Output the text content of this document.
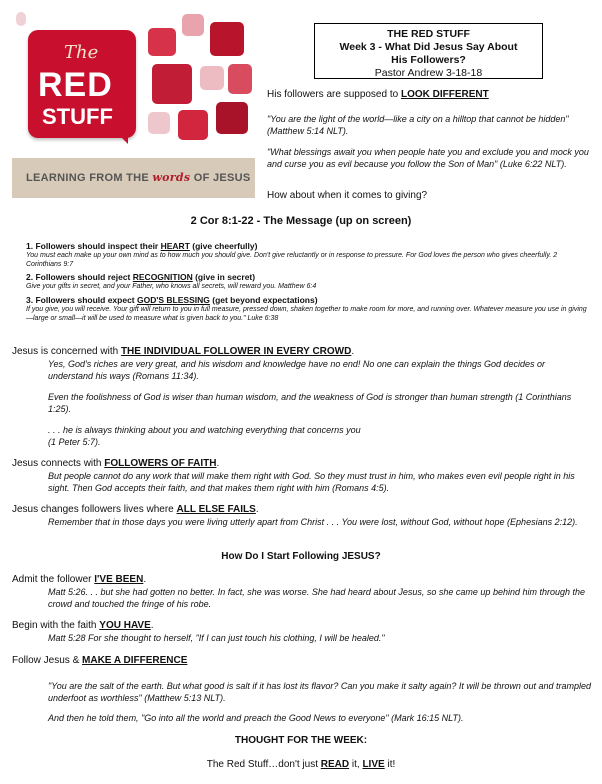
The
RED
STUFF
LEARNING FROM THE words OF JESUS
THE RED STUFF
Week 3 - What Did Jesus Say About
His Followers?
Pastor Andrew 3-18-18
His followers are supposed to LOOK DIFFERENT
"You are the light of the world—like a city on a hilltop that cannot be hidden" (Matthew 5:14 NLT).
"What blessings await you when people hate you and exclude you and mock you and curse you as evil because you follow the Son of Man" (Luke 6:22 NLT).
How about when it comes to giving?
2 Cor 8:1-22 - The Message (up on screen)
1. Followers should inspect their HEART (give cheerfully)
You must each make up your own mind as to how much you should give. Don't give reluctantly or in response to pressure. For God loves the person who gives cheerfully. 2 Corinthians 9:7
2. Followers should reject RECOGNITION (give in secret)
Give your gifts in secret, and your Father, who knows all secrets, will reward you. Matthew 6:4
3. Followers should expect GOD'S BLESSING (get beyond expectations)
If you give, you will receive. Your gift will return to you in full measure, pressed down, shaken together to make room for more, and running over. Whatever measure you use in giving—large or small—it will be used to measure what is given back to you." Luke 6:38
Jesus is concerned with THE INDIVIDUAL FOLLOWER IN EVERY CROWD.
Yes, God's riches are very great, and his wisdom and knowledge have no end! No one can explain the things God decides or understand his ways (Romans 11:34).
Even the foolishness of God is wiser than human wisdom, and the weakness of God is stronger than human strength (1 Corinthians 1:25).
. . . he is always thinking about you and watching everything that concerns you
(1 Peter 5:7).
Jesus connects with FOLLOWERS OF FAITH.
But people cannot do any work that will make them right with God. So they must trust in him, who makes even evil people right in his sight. Then God accepts their faith, and that makes them right with him (Romans 4:5).
Jesus changes followers lives where ALL ELSE FAILS.
Remember that in those days you were living utterly apart from Christ . . . You were lost, without God, without hope (Ephesians 2:12).
How Do I Start Following JESUS?
Admit the follower I'VE BEEN.
Matt 5:26. . . but she had gotten no better. In fact, she was worse. She had heard about Jesus, so she came up behind him through the crowd and touched the fringe of his robe.
Begin with the faith YOU HAVE.
Matt 5:28 For she thought to herself, "If I can just touch his clothing, I will be healed."
Follow Jesus & MAKE A DIFFERENCE
"You are the salt of the earth. But what good is salt if it has lost its flavor? Can you make it salty again? It will be thrown out and trampled underfoot as worthless" (Matthew 5:13 NLT).
And then he told them, "Go into all the world and preach the Good News to everyone" (Mark 16:15 NLT).
THOUGHT FOR THE WEEK:
The Red Stuff…don't just READ it, LIVE it!
